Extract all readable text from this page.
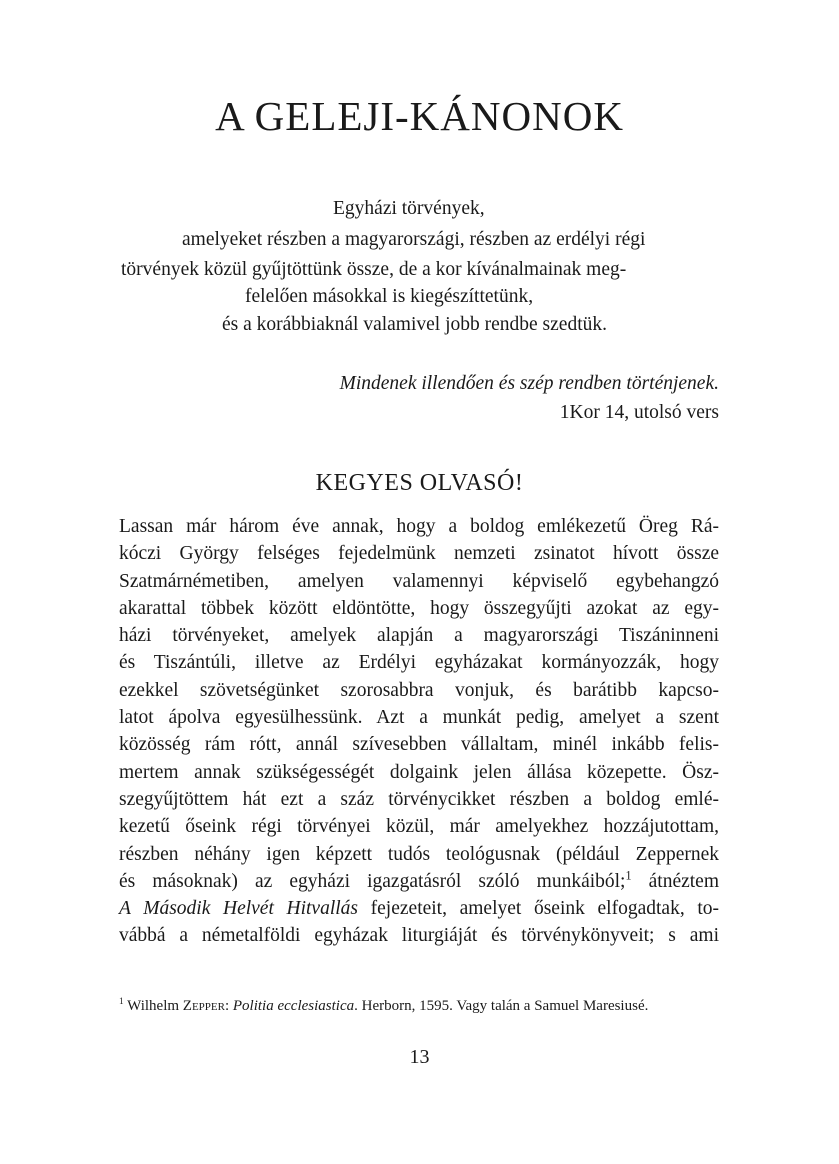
A GELEJI-KÁNONOK
Egyházi törvények,
amelyeket részben a magyarországi, részben az erdélyi régi
törvények közül gyűjtöttünk össze, de a kor kívánalmainak meg-
felelően másokkal is kiegészíttetünk,
és a korábbiaknál valamivel jobb rendbe szedtük.
Mindenek illendően és szép rendben történjenek.
1Kor 14, utolsó vers
KEGYES OLVASÓ!
Lassan már három éve annak, hogy a boldog emlékezetű Öreg Rá-
kóczi György felséges fejedelmünk nemzeti zsinatot hívott össze
Szatmárnémetiben, amelyen valamennyi képviselő egybehangzó
akarattal többek között eldöntötte, hogy összegyűjti azokat az egy-
házi törvényeket, amelyek alapján a magyarországi Tiszáninneni
és Tiszántúli, illetve az Erdélyi egyházakat kormányozzák, hogy
ezekkel szövetségünket szorosabbra vonjuk, és barátibb kapcso-
latot ápolva egyesülhessünk. Azt a munkát pedig, amelyet a szent
közösség rám rótt, annál szívesebben vállaltam, minél inkább felis-
mertem annak szükségességét dolgaink jelen állása közepette. Ösz-
szegyűjtöttem hát ezt a száz törvénycikket részben a boldog emlé-
kezetű őseink régi törvényei közül, már amelyekhez hozzájutottam,
részben néhány igen képzett tudós teológusnak (például Zeppernek
és másoknak) az egyházi igazgatásról szóló munkáiból;$^1$ átnéztem
A Második Helvét Hitvallás fejezeteit, amelyet őseink elfogadtak, to-
vábbá a németalföldi egyházak liturgiáját és törvénykönyveit; s ami
$^1$ Wilhelm Zepper: Politia ecclesiastica. Herborn, 1595. Vagy talán a Samuel Maresiusé.
13
